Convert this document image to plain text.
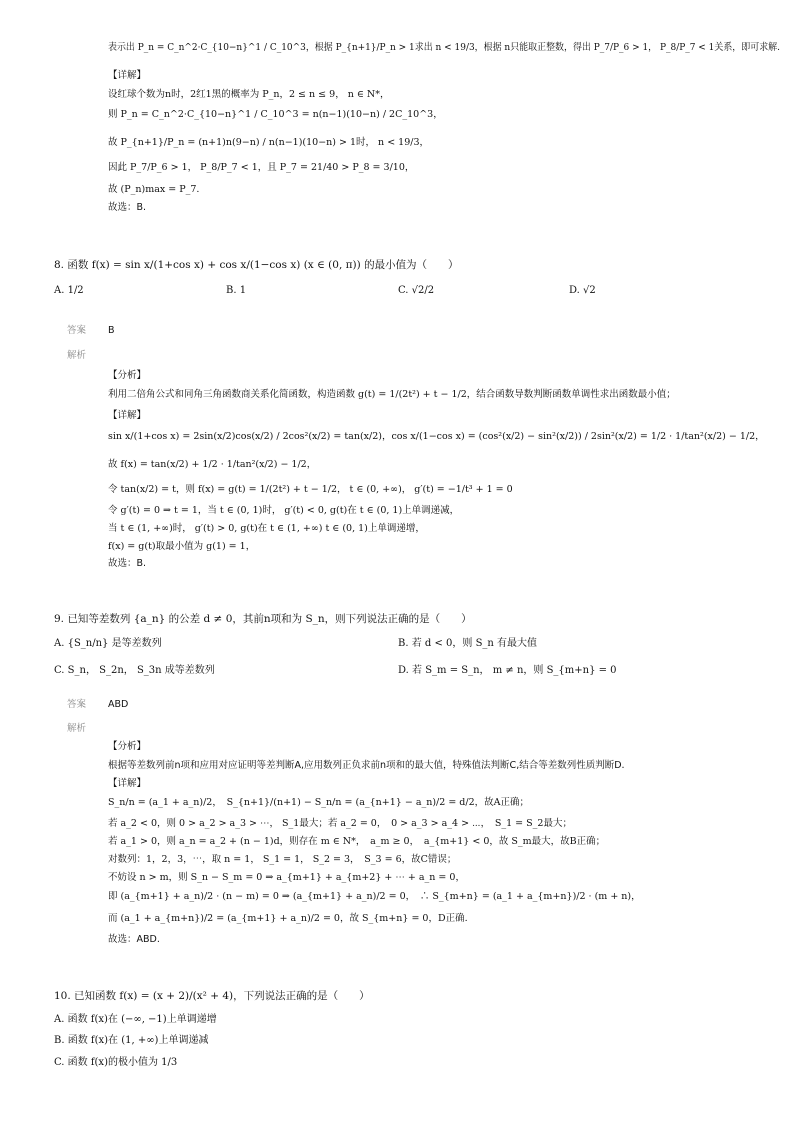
表示出 P_n = C_n^2·C_{10−n}^1 / C_10^3，根据 P_{n+1}/P_n > 1求出 n < 19/3，根据 n只能取正整数，得出 P_7/P_6 > 1， P_8/P_7 < 1关系，即可求解.
【详解】
设红球个数为n时，2红1黑的概率为 P_n，2 ≤ n ≤ 9， n ∈ N*，
则 P_n = C_n^2·C_{10−n}^1 / C_10^3 = n(n−1)(10−n) / 2C_10^3，
故 P_{n+1}/P_n = (n+1)n(9−n) / n(n−1)(10−n) > 1时， n < 19/3，
因此 P_7/P_6 > 1， P_8/P_7 < 1，且 P_7 = 21/40 > P_8 = 3/10，
故 (P_n)max = P_7.
故选：B.
8. 函数 f(x) = sin x/(1+cos x) + cos x/(1−cos x) (x ∈ (0, π)) 的最小值为（　　）
A. 1/2	B. 1	C. √2/2	D. √2
答案 B
解析
【分析】
利用二倍角公式和同角三角函数商关系化简函数，构造函数 g(t) = 1/(2t²) + t − 1/2，结合函数导数判断函数单调性求出函数最小值；
【详解】
sin x/(1+cos x) = 2sin(x/2)cos(x/2) / 2cos²(x/2) = tan(x/2)，cos x/(1−cos x) = (cos²(x/2) − sin²(x/2)) / 2sin²(x/2) = 1/2 · 1/tan²(x/2) − 1/2，
故 f(x) = tan(x/2) + 1/2 · 1/tan²(x/2) − 1/2，
令 tan(x/2) = t，则 f(x) = g(t) = 1/(2t²) + t − 1/2， t ∈ (0, +∞)， g′(t) = −1/t³ + 1 = 0
令 g′(t) = 0 ⇒ t = 1，当 t ∈ (0, 1)时， g′(t) < 0, g(t)在 t ∈ (0, 1)上单调递减，
当 t ∈ (1, +∞)时， g′(t) > 0, g(t)在 t ∈ (1, +∞) t ∈ (0, 1)上单调递增，
f(x) = g(t)取最小值为 g(1) = 1，
故选：B.
9. 已知等差数列 {a_n} 的公差 d ≠ 0，其前n项和为 S_n，则下列说法正确的是（　　）
A. {S_n/n} 是等差数列	B. 若 d < 0，则 S_n 有最大值
C. S_n， S_2n， S_3n 成等差数列	D. 若 S_m = S_n， m ≠ n，则 S_{m+n} = 0
答案 ABD
解析
【分析】
根据等差数列前n项和应用对应证明等差判断A,应用数列正负求前n项和的最大值，特殊值法判断C,结合等差数列性质判断D.
【详解】
S_n/n = (a_1 + a_n)/2，　S_{n+1}/(n+1) − S_n/n = (a_{n+1} − a_n)/2 = d/2，故A正确；
若 a_2 < 0，则 0 > a_2 > a_3 > ⋯， S_1最大；若 a_2 = 0，　0 > a_3 > a_4 > ⋯，　S_1 = S_2最大；
若 a_1 > 0，则 a_n = a_2 + (n − 1)d，则存在 m ∈ N*，　a_m ≥ 0，　a_{m+1} < 0，故 S_m最大，故B正确；
对数列：1，2，3，⋯，取 n = 1， S_1 = 1， S_2 = 3，　S_3 = 6，故C错误；
不妨设 n > m，则 S_n − S_m = 0 ⇒ a_{m+1} + a_{m+2} + ⋯ + a_n = 0，
即 (a_{m+1} + a_n)/2 · (n − m) = 0 ⇒ (a_{m+1} + a_n)/2 = 0，　∴ S_{m+n} = (a_1 + a_{m+n})/2 · (m + n)，
而 (a_1 + a_{m+n})/2 = (a_{m+1} + a_n)/2 = 0，故 S_{m+n} = 0，D正确.
故选：ABD.
10. 已知函数 f(x) = (x + 2)/(x² + 4)，下列说法正确的是（　　）
A. 函数 f(x)在 (−∞, −1)上单调递增
B. 函数 f(x)在 (1, +∞)上单调递减
C. 函数 f(x)的极小值为 1/3
